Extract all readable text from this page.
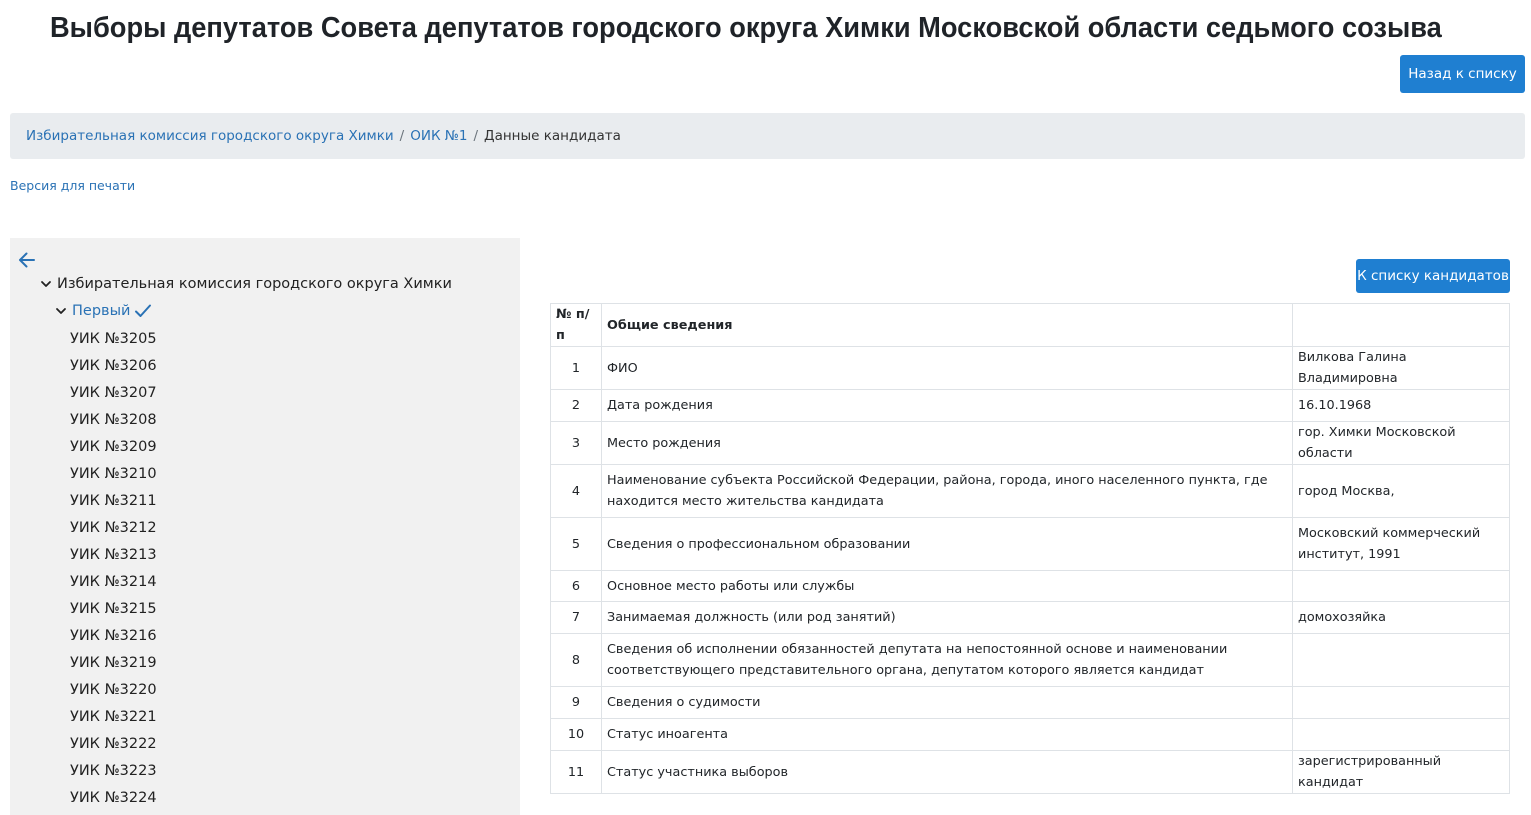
Выборы депутатов Совета депутатов городского округа Химки Московской области седьмого созыва
Назад к списку
Избирательная комиссия городского округа Химки / ОИК №1 / Данные кандидата
Версия для печати
Избирательная комиссия городского округа Химки
Первый
УИК №3205
УИК №3206
УИК №3207
УИК №3208
УИК №3209
УИК №3210
УИК №3211
УИК №3212
УИК №3213
УИК №3214
УИК №3215
УИК №3216
УИК №3219
УИК №3220
УИК №3221
УИК №3222
УИК №3223
УИК №3224
К списку кандидатов
№ п/п	Общие сведения	
1	ФИО	Вилкова Галина Владимировна
2	Дата рождения	16.10.1968
3	Место рождения	гор. Химки Московской области
4	Наименование субъекта Российской Федерации, района, города, иного населенного пункта, где находится место жительства кандидата	город Москва,
5	Сведения о профессиональном образовании	Московский коммерческий институт, 1991
6	Основное место работы или службы	
7	Занимаемая должность (или род занятий)	домохозяйка
8	Сведения об исполнении обязанностей депутата на непостоянной основе и наименовании соответствующего представительного органа, депутатом которого является кандидат	
9	Сведения о судимости	
10	Статус иноагента	
11	Статус участника выборов	зарегистрированный кандидат
